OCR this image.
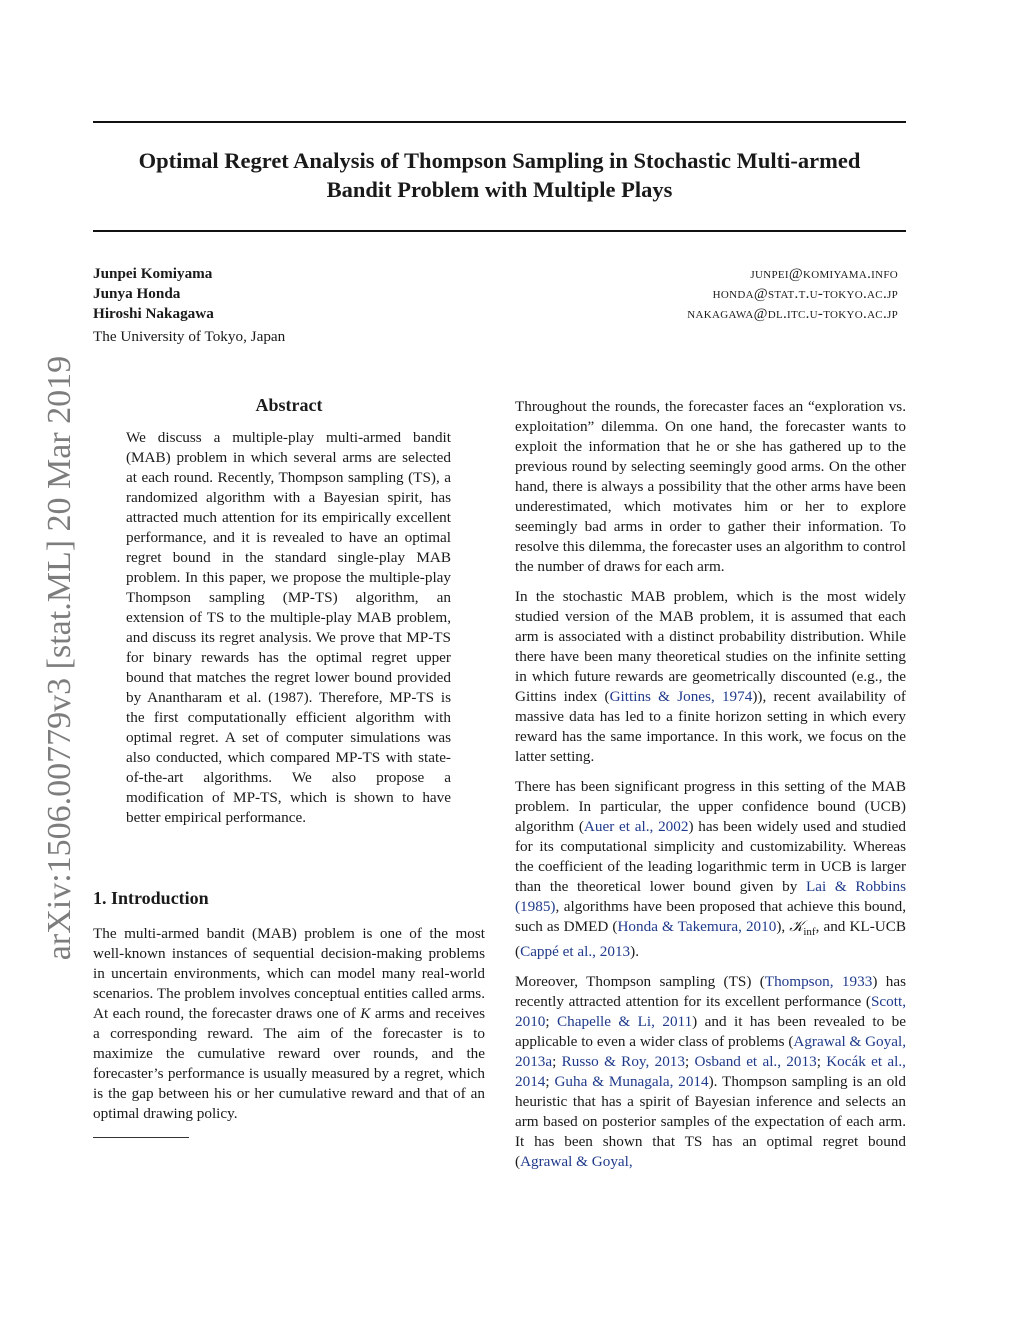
Optimal Regret Analysis of Thompson Sampling in Stochastic Multi-armed
Bandit Problem with Multiple Plays
arXiv:1506.00779v3 [stat.ML] 20 Mar 2019
Junpei Komiyama	junpei@komiyama.info
Junya Honda	honda@stat.t.u-tokyo.ac.jp
Hiroshi Nakagawa	nakagawa@dl.itc.u-tokyo.ac.jp
The University of Tokyo, Japan
Abstract
We discuss a multiple-play multi-armed bandit (MAB) problem in which several arms are selected at each round. Recently, Thompson sampling (TS), a randomized algorithm with a Bayesian spirit, has attracted much attention for its empirically excellent performance, and it is revealed to have an optimal regret bound in the standard single-play MAB problem. In this paper, we propose the multiple-play Thompson sampling (MP-TS) algorithm, an extension of TS to the multiple-play MAB problem, and discuss its regret analysis. We prove that MP-TS for binary rewards has the optimal regret upper bound that matches the regret lower bound provided by Anantharam et al. (1987). Therefore, MP-TS is the first computationally efficient algorithm with optimal regret. A set of computer simulations was also conducted, which compared MP-TS with state-of-the-art algorithms. We also propose a modification of MP-TS, which is shown to have better empirical performance.
1. Introduction
The multi-armed bandit (MAB) problem is one of the most well-known instances of sequential decision-making problems in uncertain environments, which can model many real-world scenarios. The problem involves conceptual entities called arms. At each round, the forecaster draws one of K arms and receives a corresponding reward. The aim of the forecaster is to maximize the cumulative reward over rounds, and the forecaster’s performance is usually measured by a regret, which is the gap between his or her cumulative reward and that of an optimal drawing policy.

Throughout the rounds, the forecaster faces an “exploration vs. exploitation” dilemma. On one hand, the forecaster wants to exploit the information that he or she has gathered up to the previous round by selecting seemingly good arms. On the other hand, there is always a possibility that the other arms have been underestimated, which motivates him or her to explore seemingly bad arms in order to gather their information. To resolve this dilemma, the forecaster uses an algorithm to control the number of draws for each arm.

In the stochastic MAB problem, which is the most widely studied version of the MAB problem, it is assumed that each arm is associated with a distinct probability distribution. While there have been many theoretical studies on the infinite setting in which future rewards are geometrically discounted (e.g., the Gittins index (Gittins & Jones, 1974)), recent availability of massive data has led to a finite horizon setting in which every reward has the same importance. In this work, we focus on the latter setting.

There has been significant progress in this setting of the MAB problem. In particular, the upper confidence bound (UCB) algorithm (Auer et al., 2002) has been widely used and studied for its computational simplicity and customizability. Whereas the coefficient of the leading logarithmic term in UCB is larger than the theoretical lower bound given by Lai & Robbins (1985), algorithms have been proposed that achieve this bound, such as DMED (Honda & Takemura, 2010), 𝒦$_{inf}$, and KL-UCB (Cappé et al., 2013).

Moreover, Thompson sampling (TS) (Thompson, 1933) has recently attracted attention for its excellent performance (Scott, 2010; Chapelle & Li, 2011) and it has been revealed to be applicable to even a wider class of problems (Agrawal & Goyal, 2013a; Russo & Roy, 2013; Osband et al., 2013; Kocák et al., 2014; Guha & Munagala, 2014). Thompson sampling is an old heuristic that has a spirit of Bayesian inference and selects an arm based on posterior samples of the expectation of each arm. It has been shown that TS has an optimal regret bound (Agrawal & Goyal,
